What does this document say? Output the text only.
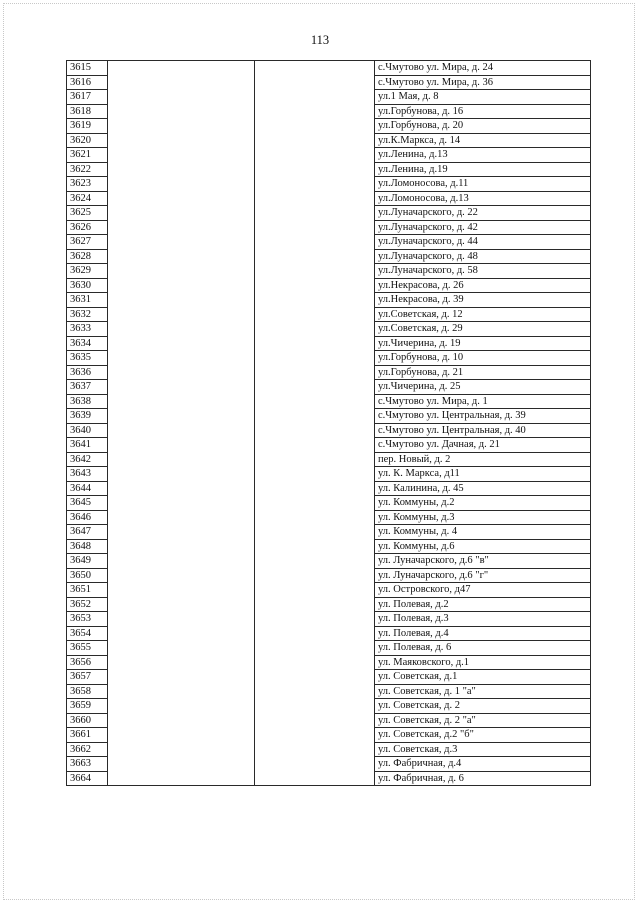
113
3615			с.Чмутово ул. Мира, д. 24
3616			с.Чмутово ул. Мира, д. 36
3617			ул.1 Мая, д. 8
3618			ул.Горбунова, д. 16
3619			ул.Горбунова, д. 20
3620			ул.К.Маркса, д. 14
3621			ул.Ленина, д.13
3622			ул.Ленина, д.19
3623			ул.Ломоносова, д.11
3624			ул.Ломоносова, д.13
3625			ул.Луначарского, д. 22
3626			ул.Луначарского, д. 42
3627			ул.Луначарского, д. 44
3628			ул.Луначарского, д. 48
3629			ул.Луначарского, д. 58
3630			ул.Некрасова, д. 26
3631			ул.Некрасова, д. 39
3632			ул.Советская, д. 12
3633			ул.Советская, д. 29
3634			ул.Чичерина, д. 19
3635			ул.Горбунова, д. 10
3636			ул.Горбунова, д. 21
3637			ул.Чичерина, д. 25
3638			с.Чмутово ул. Мира, д. 1
3639			с.Чмутово ул. Центральная, д. 39
3640			с.Чмутово ул. Центральная, д. 40
3641			с.Чмутово ул. Дачная, д. 21
3642			пер. Новый, д. 2
3643			ул. К. Маркса, д11
3644			ул. Калинина, д. 45
3645			ул. Коммуны, д.2
3646			ул. Коммуны, д.3
3647			ул. Коммуны, д. 4
3648			ул. Коммуны, д.6
3649			ул. Луначарского, д.6 "в"
3650			ул. Луначарского, д.6 "г"
3651			ул. Островского, д47
3652			ул. Полевая, д.2
3653			ул. Полевая, д.3
3654			ул. Полевая, д.4
3655			ул. Полевая, д. 6
3656			ул. Маяковского, д.1
3657			ул. Советская, д.1
3658			ул. Советская, д. 1 "а"
3659			ул. Советская, д. 2
3660			ул. Советская, д. 2 "а"
3661			ул. Советская, д.2 "б"
3662			ул. Советская, д.3
3663			ул. Фабричная, д.4
3664			ул. Фабричная, д. 6
